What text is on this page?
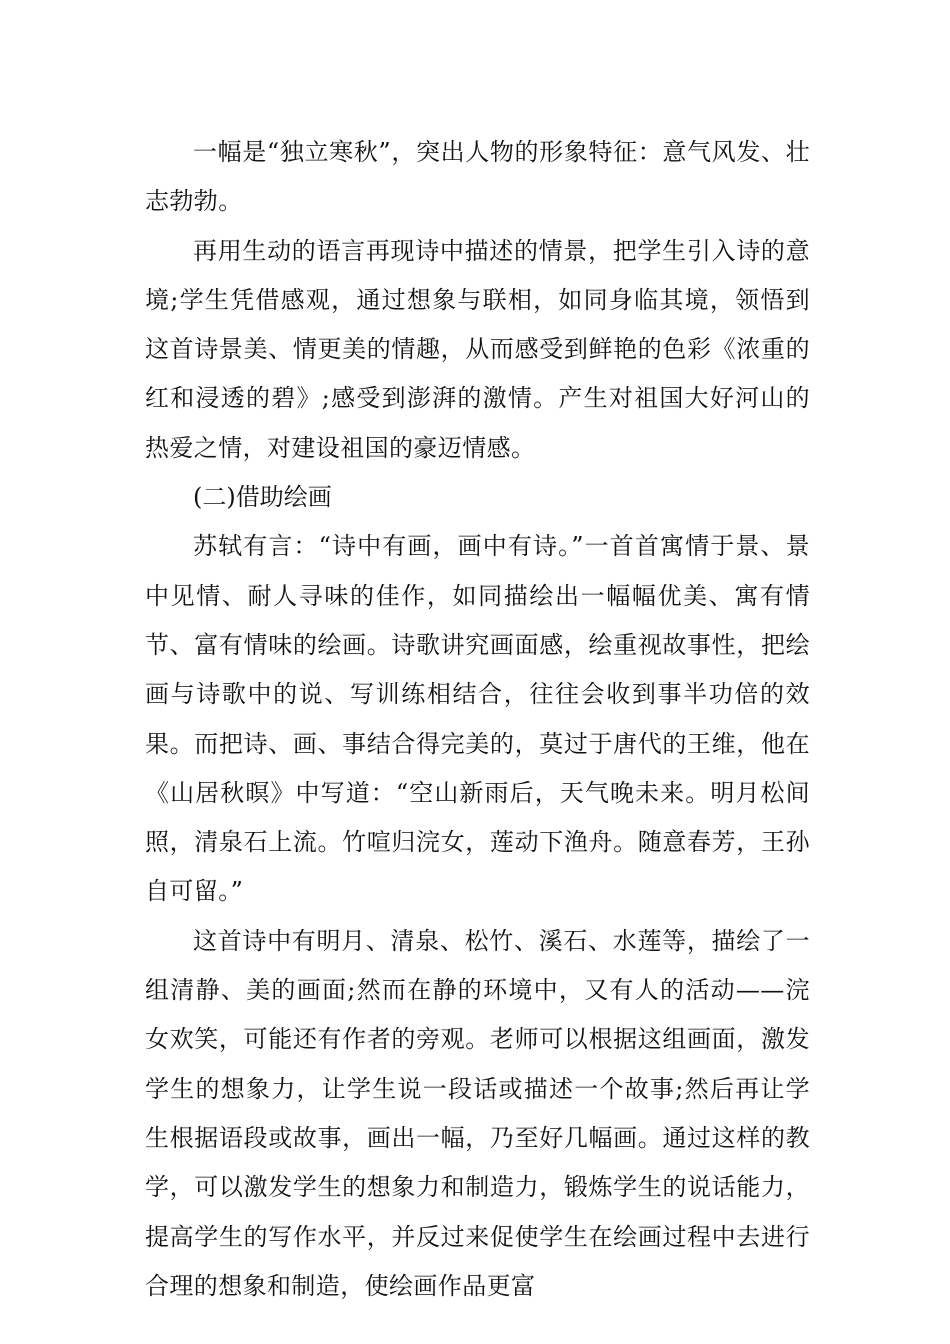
一幅是“独立寒秋”，突出人物的形象特征：意气风发、壮志勃勃。

再用生动的语言再现诗中描述的情景，把学生引入诗的意境;学生凭借感观，通过想象与联相，如同身临其境，领悟到这首诗景美、情更美的情趣，从而感受到鲜艳的色彩《浓重的红和浸透的碧》;感受到澎湃的激情。产生对祖国大好河山的热爱之情，对建设祖国的豪迈情感。

(二)借助绘画

苏轼有言：“诗中有画，画中有诗。”一首首寓情于景、景中见情、耐人寻味的佳作，如同描绘出一幅幅优美、寓有情节、富有情味的绘画。诗歌讲究画面感，绘重视故事性，把绘画与诗歌中的说、写训练相结合，往往会收到事半功倍的效果。而把诗、画、事结合得完美的，莫过于唐代的王维，他在《山居秋暝》中写道：“空山新雨后，天气晚未来。明月松间照，清泉石上流。竹喧归浣女，莲动下渔舟。随意春芳，王孙自可留。”

这首诗中有明月、清泉、松竹、溪石、水莲等，描绘了一组清静、美的画面;然而在静的环境中，又有人的活动——浣女欢笑，可能还有作者的旁观。老师可以根据这组画面，激发学生的想象力，让学生说一段话或描述一个故事;然后再让学生根据语段或故事，画出一幅，乃至好几幅画。通过这样的教学，可以激发学生的想象力和制造力，锻炼学生的说话能力，提高学生的写作水平，并反过来促使学生在绘画过程中去进行合理的想象和制造，使绘画作品更富
